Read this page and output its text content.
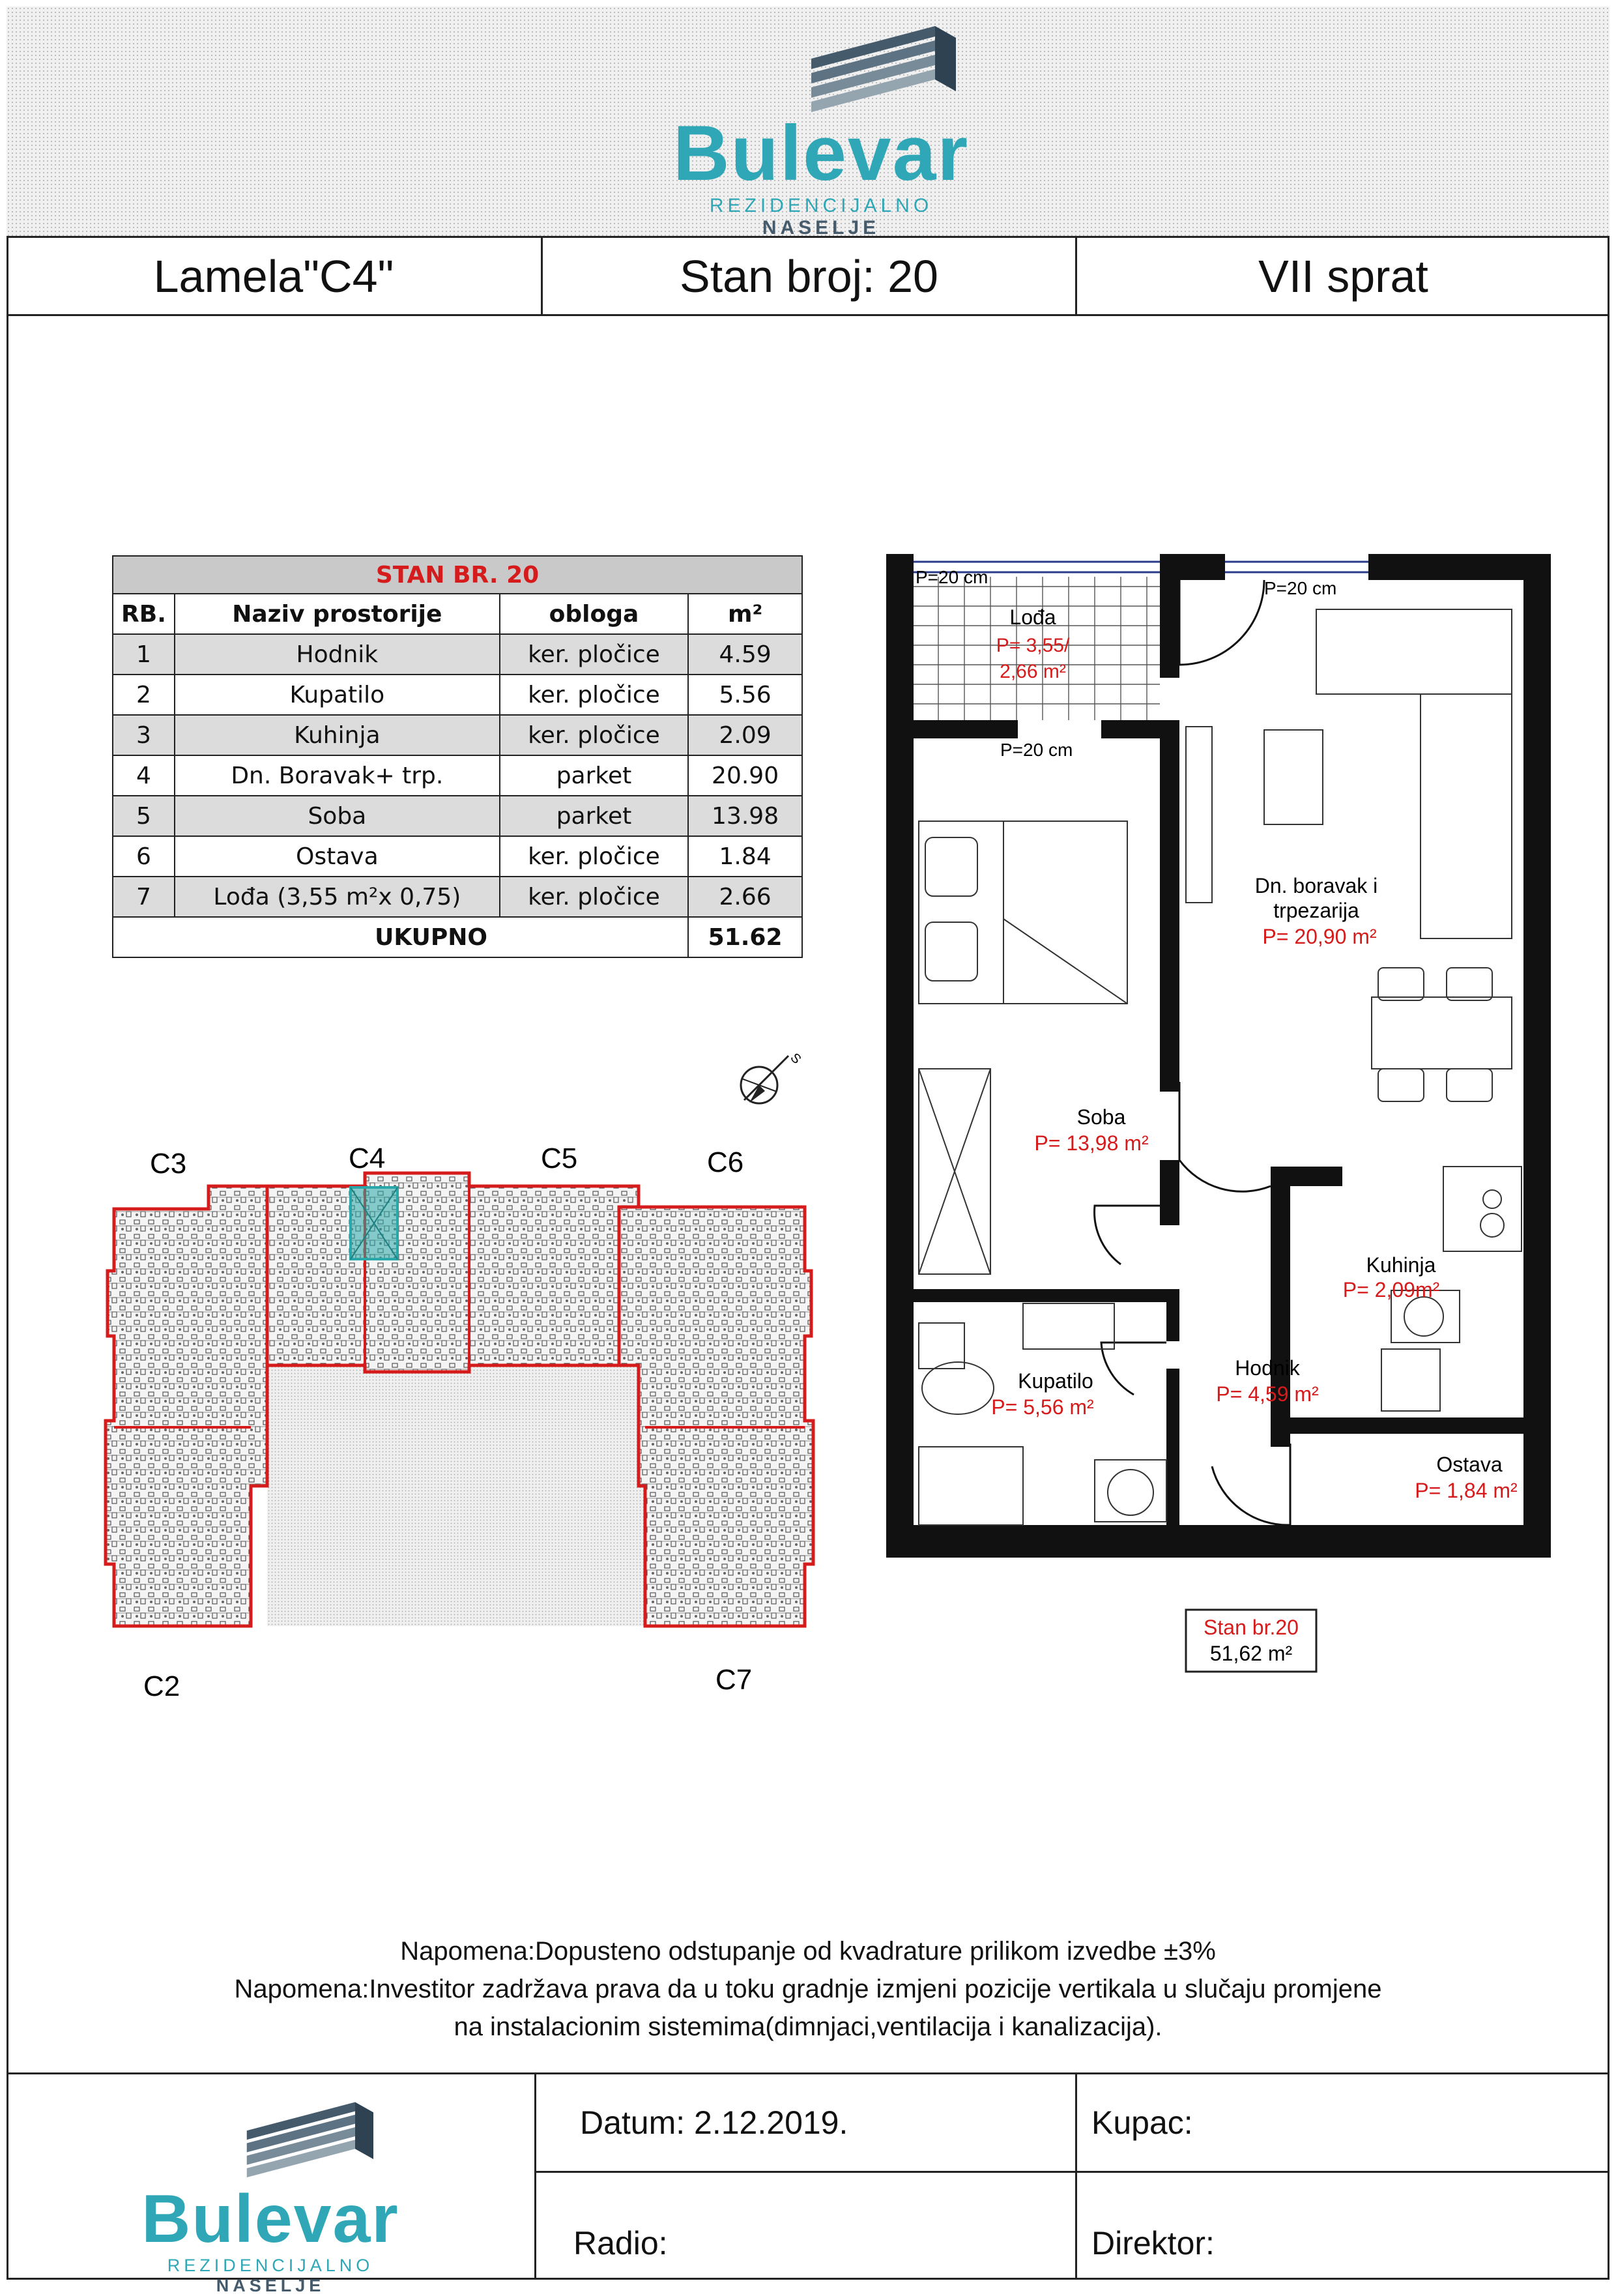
Bulevar
REZIDENCIJALNO NASELJE
Lamela"C4"	Stan broj: 20	VII sprat
STAN BR. 20			
RB.	Naziv prostorije	obloga	m²
1	Hodnik	ker. pločice	4.59
2	Kupatilo	ker. pločice	5.56
3	Kuhinja	ker. pločice	2.09
4	Dn. Boravak+ trp.	parket	20.90
5	Soba	parket	13.98
6	Ostava	ker. pločice	1.84
7	Lođa (3,55 m²x 0,75)	ker. pločice	2.66
	UKUPNO		51.62
S
C3	C4	C5	C6
C2	C7
P=20 cm
P=20 cm
P=20 cm
Lođa
P= 3,55/
2,66 m²
Dn. boravak i
trpezarija
P= 20,90 m²
Soba
P= 13,98 m²
Kuhinja
P= 2,09m²
Kupatilo
P= 5,56 m²
Hodnik
P= 4,59 m²
Ostava
P= 1,84 m²
Stan br.20
51,62 m²
Napomena:Dopusteno odstupanje od kvadrature prilikom izvedbe ±3%
Napomena:Investitor zadržava prava da u toku gradnje izmjeni pozicije vertikala u slučaju promjene
na instalacionim sistemima(dimnjaci,ventilacija i kanalizacija).
Bulevar
REZIDENCIJALNO NASELJE
Datum: 2.12.2019.	Kupac:
Radio:	Direktor:
